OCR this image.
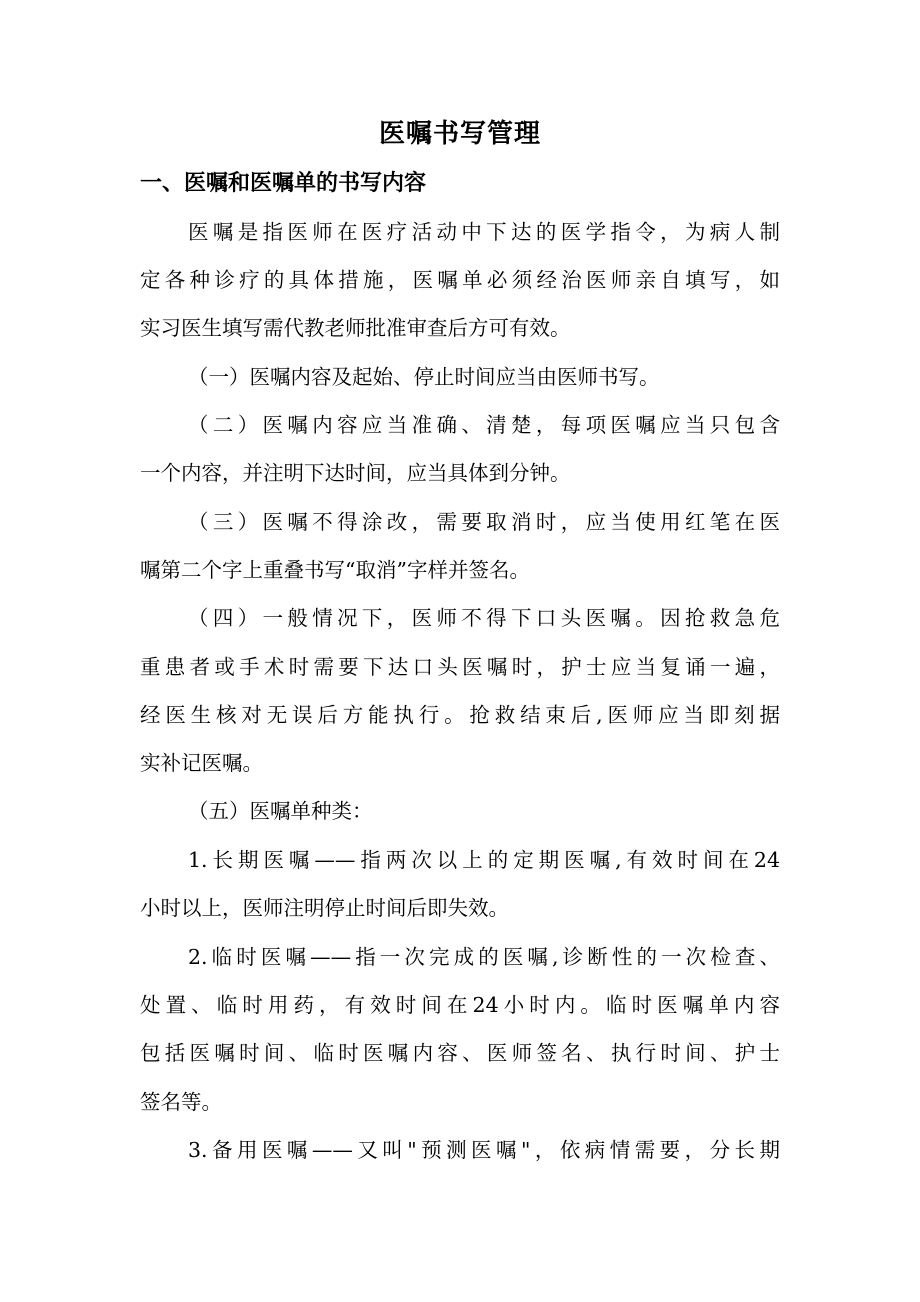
医嘱书写管理
一、医嘱和医嘱单的书写内容
医嘱是指医师在医疗活动中下达的医学指令，为病人制
定各种诊疗的具体措施，医嘱单必须经治医师亲自填写，如
实习医生填写需代教老师批准审查后方可有效。
（一）医嘱内容及起始、停止时间应当由医师书写。
（二）医嘱内容应当准确、清楚，每项医嘱应当只包含
一个内容，并注明下达时间，应当具体到分钟。
（三）医嘱不得涂改，需要取消时，应当使用红笔在医
嘱第二个字上重叠书写“取消”字样并签名。
（四）一般情况下，医师不得下口头医嘱。因抢救急危
重患者或手术时需要下达口头医嘱时，护士应当复诵一遍，
经医生核对无误后方能执行。抢救结束后,医师应当即刻据
实补记医嘱。
（五）医嘱单种类：
1.长期医嘱——指两次以上的定期医嘱,有效时间在24
小时以上，医师注明停止时间后即失效。
2.临时医嘱——指一次完成的医嘱,诊断性的一次检查、
处置、临时用药，有效时间在24小时内。临时医嘱单内容
包括医嘱时间、临时医嘱内容、医师签名、执行时间、护士
签名等。
3.备用医嘱——又叫"预测医嘱"，依病情需要，分长期
